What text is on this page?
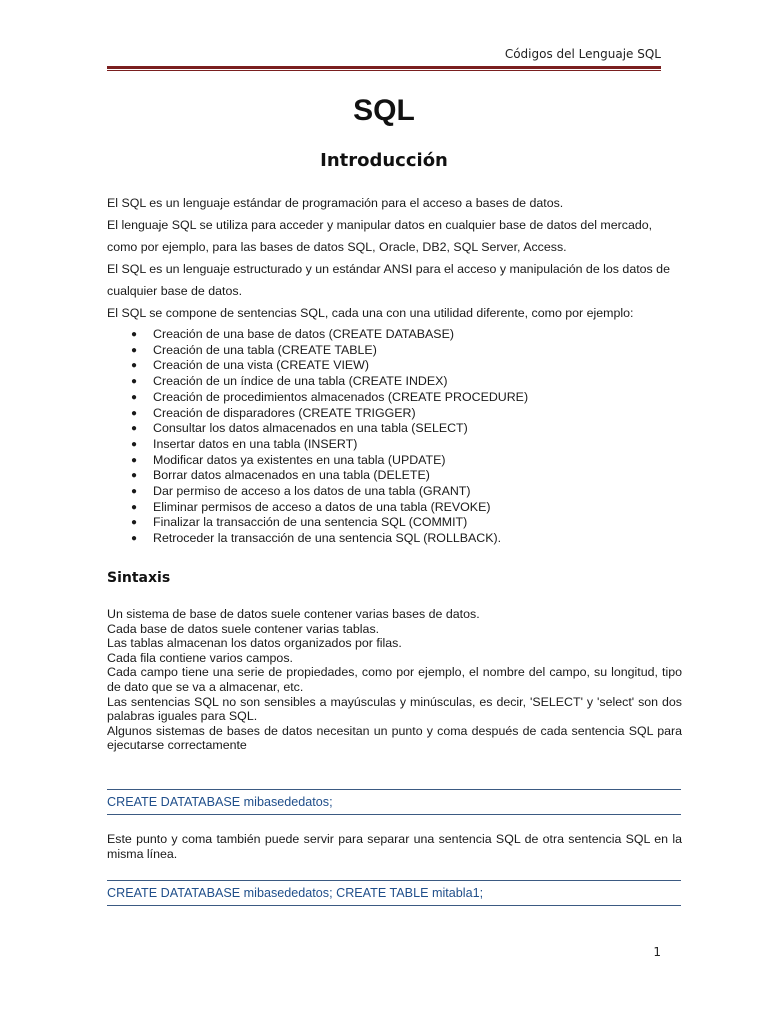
Códigos del Lenguaje SQL
SQL
Introducción

El SQL es un lenguaje estándar de programación para el acceso a bases de datos.

El lenguaje SQL se utiliza para acceder y manipular datos en cualquier base de datos del mercado, como por ejemplo, para las bases de datos SQL, Oracle, DB2, SQL Server, Access.

El SQL es un lenguaje estructurado y un estándar ANSI para el acceso y manipulación de los datos de cualquier base de datos.

El SQL se compone de sentencias SQL, cada una con una utilidad diferente, como por ejemplo:

● Creación de una base de datos (CREATE DATABASE)
● Creación de una tabla (CREATE TABLE)
● Creación de una vista (CREATE VIEW)
● Creación de un índice de una tabla (CREATE INDEX)
● Creación de procedimientos almacenados (CREATE PROCEDURE)
● Creación de disparadores (CREATE TRIGGER)
● Consultar los datos almacenados en una tabla (SELECT)
● Insertar datos en una tabla (INSERT)
● Modificar datos ya existentes en una tabla (UPDATE)
● Borrar datos almacenados en una tabla (DELETE)
● Dar permiso de acceso a los datos de una tabla (GRANT)
● Eliminar permisos de acceso a datos de una tabla (REVOKE)
● Finalizar la transacción de una sentencia SQL (COMMIT)
● Retroceder la transacción de una sentencia SQL (ROLLBACK).
Sintaxis

Un sistema de base de datos suele contener varias bases de datos.

Cada base de datos suele contener varias tablas.

Las tablas almacenan los datos organizados por filas.

Cada fila contiene varios campos.

Cada campo tiene una serie de propiedades, como por ejemplo, el nombre del campo, su longitud, tipo de dato que se va a almacenar, etc.

Las sentencias SQL no son sensibles a mayúsculas y minúsculas, es decir, 'SELECT' y 'select' son dos palabras iguales para SQL.

Algunos sistemas de bases de datos necesitan un punto y coma después de cada sentencia SQL para ejecutarse correctamente

CREATE DATATABASE mibasededatos;
Este punto y coma también puede servir para separar una sentencia SQL de otra sentencia SQL en la misma línea.
CREATE DATATABASE mibasededatos; CREATE TABLE mitabla1;
1
